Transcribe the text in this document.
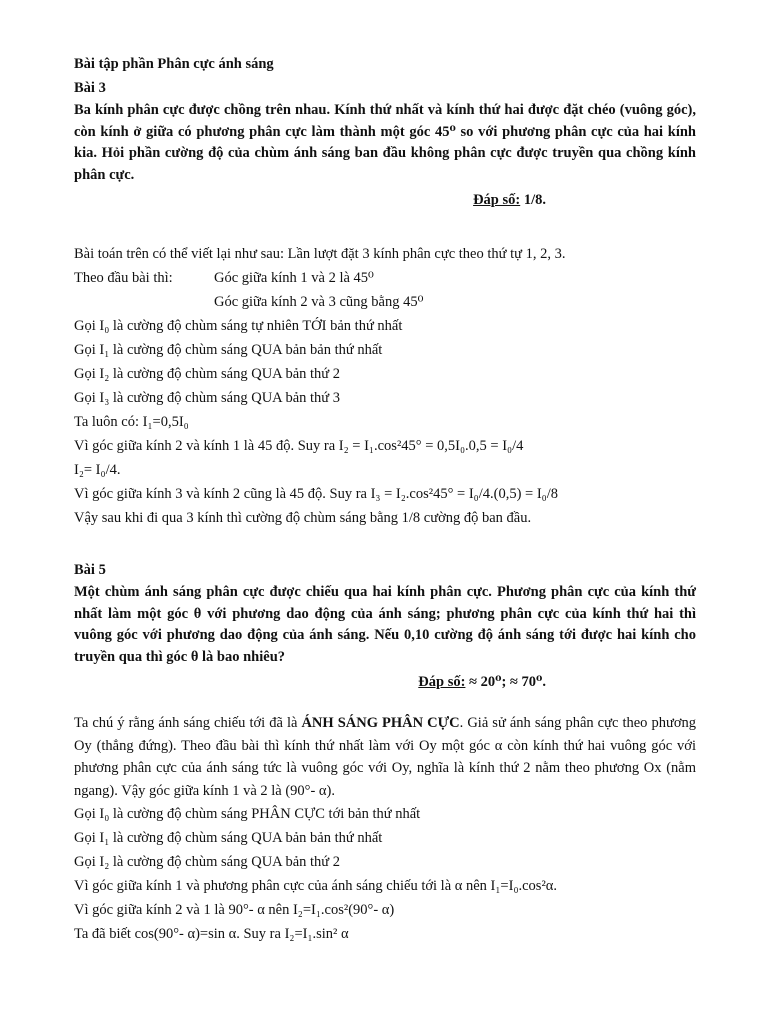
Bài tập phần Phân cực ánh sáng
Bài 3
Ba kính phân cực được chồng trên nhau. Kính thứ nhất và kính thứ hai được đặt chéo (vuông góc), còn kính ở giữa có phương phân cực làm thành một góc 45⁰ so với phương phân cực của hai kính kia. Hỏi phần cường độ của chùm ánh sáng ban đầu không phân cực được truyền qua chồng kính phân cực.
Đáp số: 1/8.
Bài toán trên có thể viết lại như sau: Lần lượt đặt 3 kính phân cực theo thứ tự 1, 2, 3.
Theo đầu bài thì:	Góc giữa kính 1 và 2 là 45⁰
Góc giữa kính 2 và 3 cũng bằng 45⁰
Gọi I₀ là cường độ chùm sáng tự nhiên TỚI bản thứ nhất
Gọi I₁ là cường độ chùm sáng QUA bản bản thứ nhất
Gọi I₂ là cường độ chùm sáng QUA bản thứ 2
Gọi I₃ là cường độ chùm sáng QUA bản thứ 3
Ta luôn có: I₁=0,5I₀
Vì góc giữa kính 2 và kính 1 là 45 độ. Suy ra I₂ = I₁.cos²45° = 0,5I₀.0,5 = I₀/4
I₂= I₀/4.
Vì góc giữa kính 3 và kính 2 cũng là 45 độ. Suy ra I₃ = I₂.cos²45° = I₀/4.(0,5) = I₀/8
Vậy sau khi đi qua 3 kính thì cường độ chùm sáng bằng 1/8 cường độ ban đầu.
Bài 5
Một chùm ánh sáng phân cực được chiếu qua hai kính phân cực. Phương phân cực của kính thứ nhất làm một góc θ với phương dao động của ánh sáng; phương phân cực của kính thứ hai thì vuông góc với phương dao động của ánh sáng. Nếu 0,10 cường độ ánh sáng tới được hai kính cho truyền qua thì góc θ là bao nhiêu?
Đáp số: ≈ 20⁰; ≈ 70⁰.
Ta chú ý rằng ánh sáng chiếu tới đã là ÁNH SÁNG PHÂN CỰC. Giả sử ánh sáng phân cực theo phương Oy (thẳng đứng). Theo đầu bài thì kính thứ nhất làm với Oy một góc α còn kính thứ hai vuông góc với phương phân cực của ánh sáng tức là vuông góc với Oy, nghĩa là kính thứ 2 nằm theo phương Ox (nằm ngang). Vậy góc giữa kính 1 và 2 là (90°- α).
Gọi I₀ là cường độ chùm sáng PHÂN CỰC tới bản thứ nhất
Gọi I₁ là cường độ chùm sáng QUA bản bản thứ nhất
Gọi I₂ là cường độ chùm sáng QUA bản thứ 2
Vì góc giữa kính 1 và phương phân cực của ánh sáng chiếu tới là α nên I₁=I₀.cos²α.
Vì góc giữa kính 2 và 1 là 90°- α nên I₂=I₁.cos²(90°- α)
Ta đã biết cos(90°- α)=sin α. Suy ra I₂=I₁.sin² α
